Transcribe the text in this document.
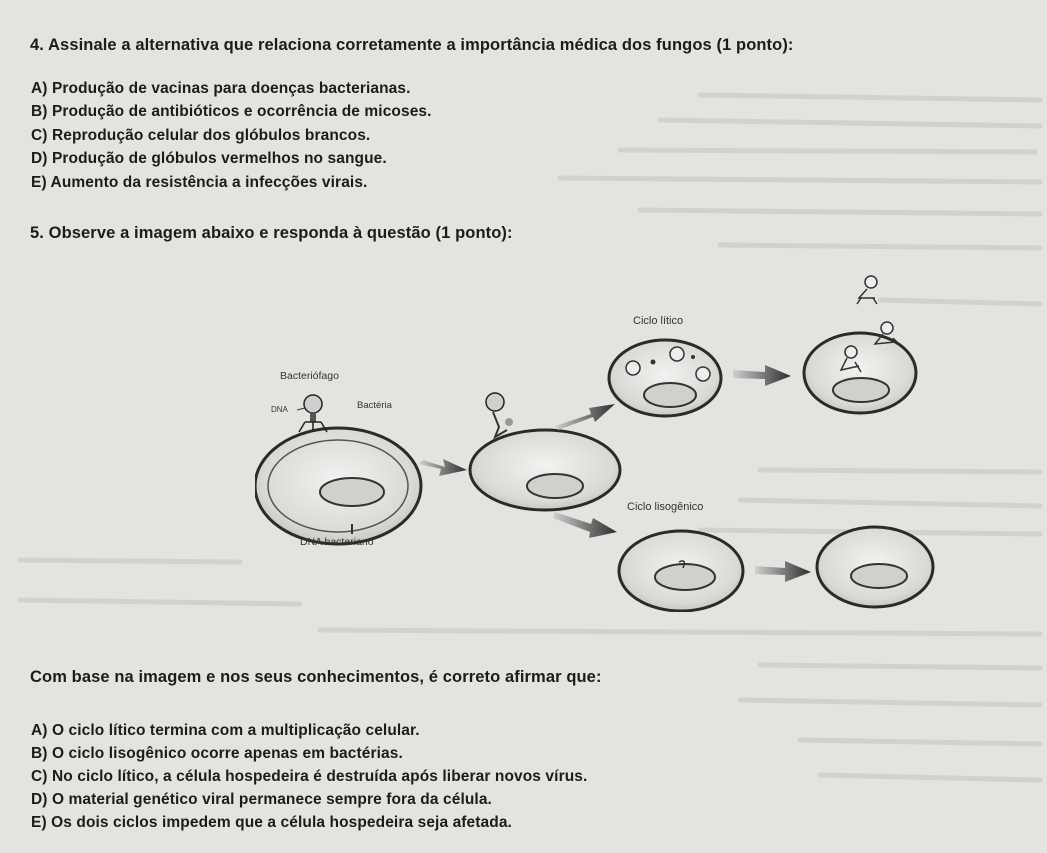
4. Assinale a alternativa que relaciona corretamente a importância médica dos fungos (1 ponto):
A) Produção de vacinas para doenças bacterianas.
B) Produção de antibióticos e ocorrência de micoses.
C) Reprodução celular dos glóbulos brancos.
D) Produção de glóbulos vermelhos no sangue.
E) Aumento da resistência a infecções virais.
5. Observe a imagem abaixo e responda à questão (1 ponto):
Bacteriófago
DNA	Bactéria
DNA bacteriano
Ciclo lítico
Ciclo lisogênico
Com base na imagem e nos seus conhecimentos, é correto afirmar que:
A) O ciclo lítico termina com a multiplicação celular.
B) O ciclo lisogênico ocorre apenas em bactérias.
C) No ciclo lítico, a célula hospedeira é destruída após liberar novos vírus.
D) O material genético viral permanece sempre fora da célula.
E) Os dois ciclos impedem que a célula hospedeira seja afetada.
